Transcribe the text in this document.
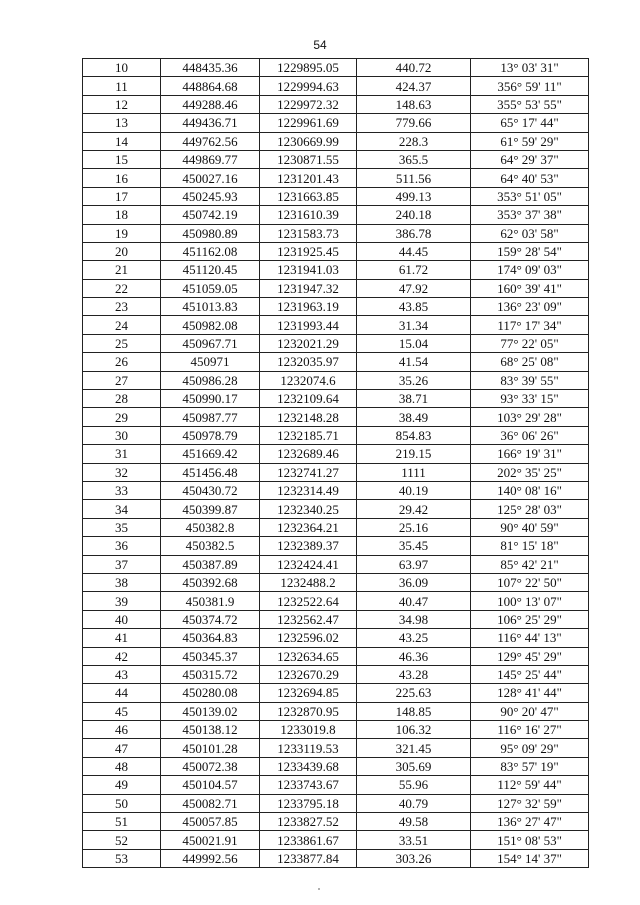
54
10	448435.36	1229895.05	440.72	13° 03' 31"
11	448864.68	1229994.63	424.37	356° 59' 11"
12	449288.46	1229972.32	148.63	355° 53' 55"
13	449436.71	1229961.69	779.66	65° 17' 44"
14	449762.56	1230669.99	228.3	61° 59' 29"
15	449869.77	1230871.55	365.5	64° 29' 37"
16	450027.16	1231201.43	511.56	64° 40' 53"
17	450245.93	1231663.85	499.13	353° 51' 05"
18	450742.19	1231610.39	240.18	353° 37' 38"
19	450980.89	1231583.73	386.78	62° 03' 58"
20	451162.08	1231925.45	44.45	159° 28' 54"
21	451120.45	1231941.03	61.72	174° 09' 03"
22	451059.05	1231947.32	47.92	160° 39' 41"
23	451013.83	1231963.19	43.85	136° 23' 09"
24	450982.08	1231993.44	31.34	117° 17' 34"
25	450967.71	1232021.29	15.04	77° 22' 05"
26	450971	1232035.97	41.54	68° 25' 08"
27	450986.28	1232074.6	35.26	83° 39' 55"
28	450990.17	1232109.64	38.71	93° 33' 15"
29	450987.77	1232148.28	38.49	103° 29' 28"
30	450978.79	1232185.71	854.83	36° 06' 26"
31	451669.42	1232689.46	219.15	166° 19' 31"
32	451456.48	1232741.27	1111	202° 35' 25"
33	450430.72	1232314.49	40.19	140° 08' 16"
34	450399.87	1232340.25	29.42	125° 28' 03"
35	450382.8	1232364.21	25.16	90° 40' 59"
36	450382.5	1232389.37	35.45	81° 15' 18"
37	450387.89	1232424.41	63.97	85° 42' 21"
38	450392.68	1232488.2	36.09	107° 22' 50"
39	450381.9	1232522.64	40.47	100° 13' 07"
40	450374.72	1232562.47	34.98	106° 25' 29"
41	450364.83	1232596.02	43.25	116° 44' 13"
42	450345.37	1232634.65	46.36	129° 45' 29"
43	450315.72	1232670.29	43.28	145° 25' 44"
44	450280.08	1232694.85	225.63	128° 41' 44"
45	450139.02	1232870.95	148.85	90° 20' 47"
46	450138.12	1233019.8	106.32	116° 16' 27"
47	450101.28	1233119.53	321.45	95° 09' 29"
48	450072.38	1233439.68	305.69	83° 57' 19"
49	450104.57	1233743.67	55.96	112° 59' 44"
50	450082.71	1233795.18	40.79	127° 32' 59"
51	450057.85	1233827.52	49.58	136° 27' 47"
52	450021.91	1233861.67	33.51	151° 08' 53"
53	449992.56	1233877.84	303.26	154° 14' 37"
